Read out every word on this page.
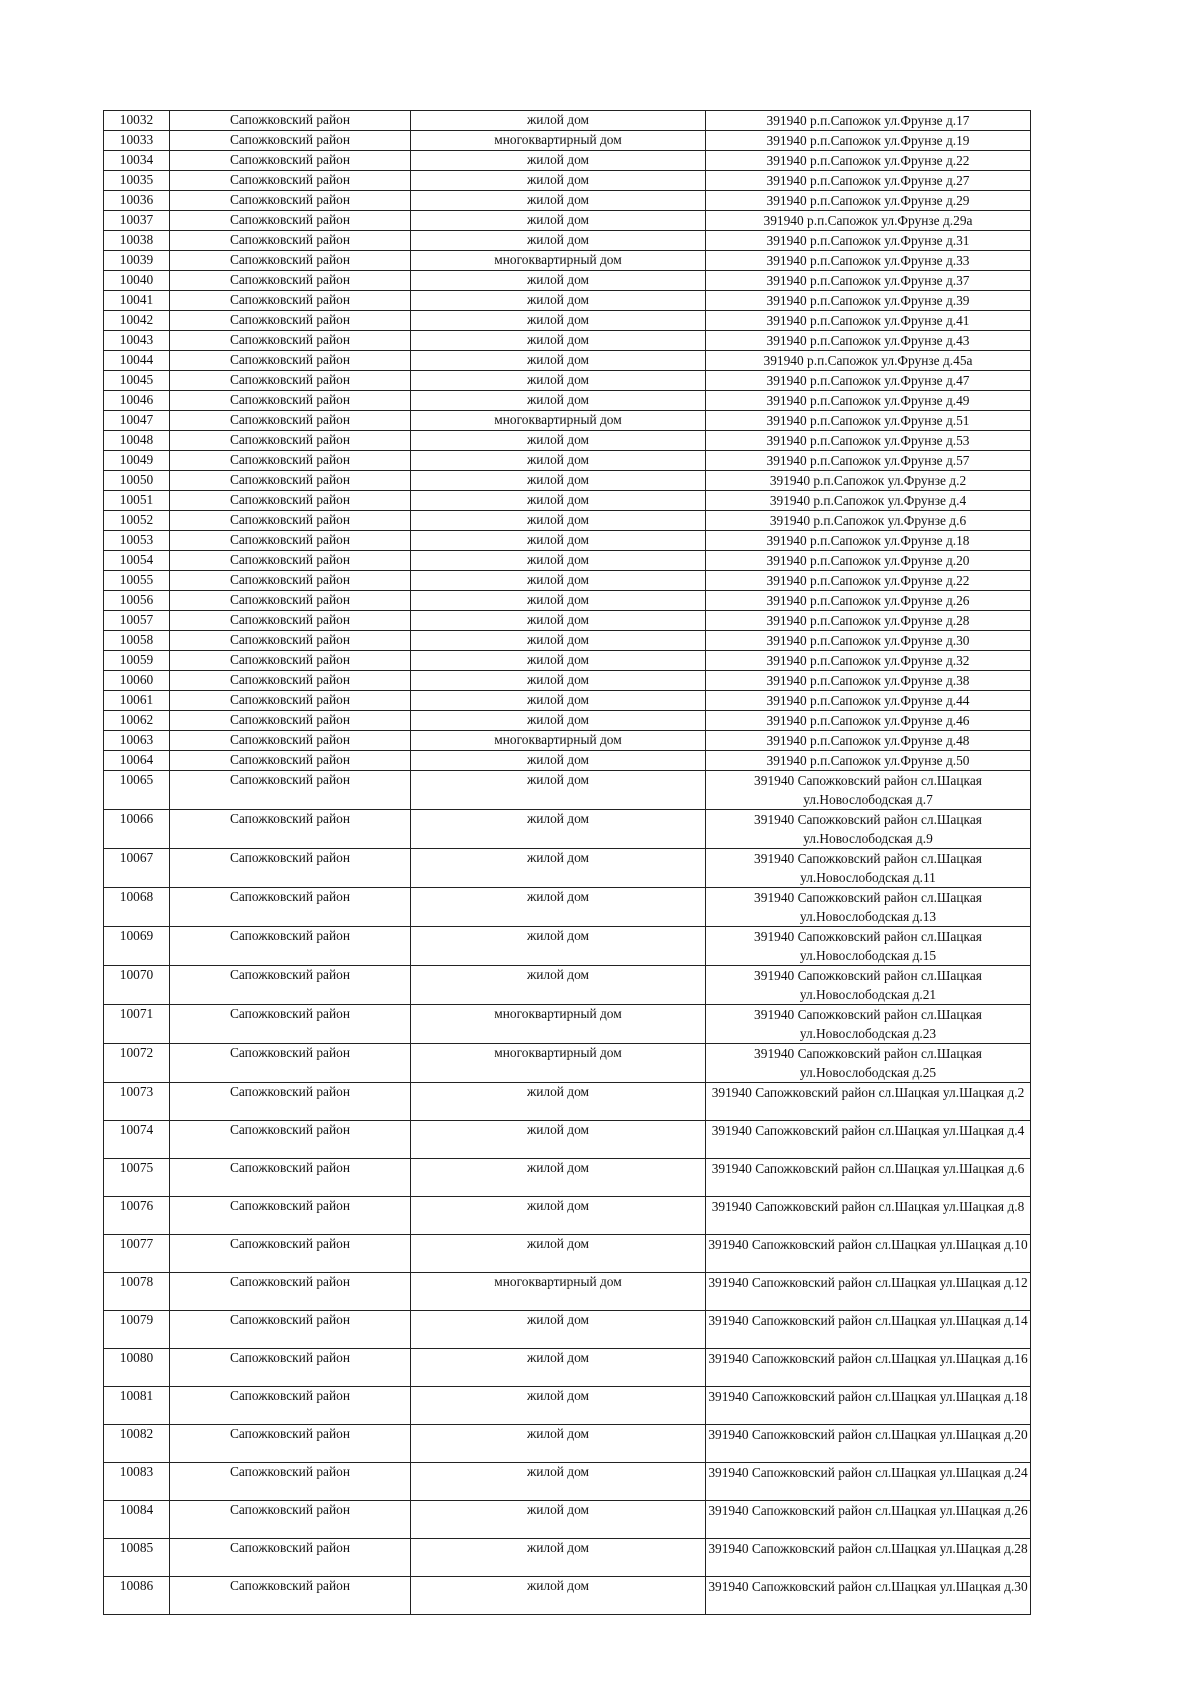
10032	Сапожковский район	жилой дом	391940 р.п.Сапожок ул.Фрунзе д.17
10033	Сапожковский район	многоквартирный дом	391940 р.п.Сапожок ул.Фрунзе д.19
10034	Сапожковский район	жилой дом	391940 р.п.Сапожок ул.Фрунзе д.22
10035	Сапожковский район	жилой дом	391940 р.п.Сапожок ул.Фрунзе д.27
10036	Сапожковский район	жилой дом	391940 р.п.Сапожок ул.Фрунзе д.29
10037	Сапожковский район	жилой дом	391940 р.п.Сапожок ул.Фрунзе д.29а
10038	Сапожковский район	жилой дом	391940 р.п.Сапожок ул.Фрунзе д.31
10039	Сапожковский район	многоквартирный дом	391940 р.п.Сапожок ул.Фрунзе д.33
10040	Сапожковский район	жилой дом	391940 р.п.Сапожок ул.Фрунзе д.37
10041	Сапожковский район	жилой дом	391940 р.п.Сапожок ул.Фрунзе д.39
10042	Сапожковский район	жилой дом	391940 р.п.Сапожок ул.Фрунзе д.41
10043	Сапожковский район	жилой дом	391940 р.п.Сапожок ул.Фрунзе д.43
10044	Сапожковский район	жилой дом	391940 р.п.Сапожок ул.Фрунзе д.45а
10045	Сапожковский район	жилой дом	391940 р.п.Сапожок ул.Фрунзе д.47
10046	Сапожковский район	жилой дом	391940 р.п.Сапожок ул.Фрунзе д.49
10047	Сапожковский район	многоквартирный дом	391940 р.п.Сапожок ул.Фрунзе д.51
10048	Сапожковский район	жилой дом	391940 р.п.Сапожок ул.Фрунзе д.53
10049	Сапожковский район	жилой дом	391940 р.п.Сапожок ул.Фрунзе д.57
10050	Сапожковский район	жилой дом	391940 р.п.Сапожок ул.Фрунзе д.2
10051	Сапожковский район	жилой дом	391940 р.п.Сапожок ул.Фрунзе д.4
10052	Сапожковский район	жилой дом	391940 р.п.Сапожок ул.Фрунзе д.6
10053	Сапожковский район	жилой дом	391940 р.п.Сапожок ул.Фрунзе д.18
10054	Сапожковский район	жилой дом	391940 р.п.Сапожок ул.Фрунзе д.20
10055	Сапожковский район	жилой дом	391940 р.п.Сапожок ул.Фрунзе д.22
10056	Сапожковский район	жилой дом	391940 р.п.Сапожок ул.Фрунзе д.26
10057	Сапожковский район	жилой дом	391940 р.п.Сапожок ул.Фрунзе д.28
10058	Сапожковский район	жилой дом	391940 р.п.Сапожок ул.Фрунзе д.30
10059	Сапожковский район	жилой дом	391940 р.п.Сапожок ул.Фрунзе д.32
10060	Сапожковский район	жилой дом	391940 р.п.Сапожок ул.Фрунзе д.38
10061	Сапожковский район	жилой дом	391940 р.п.Сапожок ул.Фрунзе д.44
10062	Сапожковский район	жилой дом	391940 р.п.Сапожок ул.Фрунзе д.46
10063	Сапожковский район	многоквартирный дом	391940 р.п.Сапожок ул.Фрунзе д.48
10064	Сапожковский район	жилой дом	391940 р.п.Сапожок ул.Фрунзе д.50
10065	Сапожковский район	жилой дом	391940 Сапожковский район сл.Шацкая ул.Новослободская д.7
10066	Сапожковский район	жилой дом	391940 Сапожковский район сл.Шацкая ул.Новослободская д.9
10067	Сапожковский район	жилой дом	391940 Сапожковский район сл.Шацкая ул.Новослободская д.11
10068	Сапожковский район	жилой дом	391940 Сапожковский район сл.Шацкая ул.Новослободская д.13
10069	Сапожковский район	жилой дом	391940 Сапожковский район сл.Шацкая ул.Новослободская д.15
10070	Сапожковский район	жилой дом	391940 Сапожковский район сл.Шацкая ул.Новослободская д.21
10071	Сапожковский район	многоквартирный дом	391940 Сапожковский район сл.Шацкая ул.Новослободская д.23
10072	Сапожковский район	многоквартирный дом	391940 Сапожковский район сл.Шацкая ул.Новослободская д.25
10073	Сапожковский район	жилой дом	391940 Сапожковский район сл.Шацкая ул.Шацкая д.2
10074	Сапожковский район	жилой дом	391940 Сапожковский район сл.Шацкая ул.Шацкая д.4
10075	Сапожковский район	жилой дом	391940 Сапожковский район сл.Шацкая ул.Шацкая д.6
10076	Сапожковский район	жилой дом	391940 Сапожковский район сл.Шацкая ул.Шацкая д.8
10077	Сапожковский район	жилой дом	391940 Сапожковский район сл.Шацкая ул.Шацкая д.10
10078	Сапожковский район	многоквартирный дом	391940 Сапожковский район сл.Шацкая ул.Шацкая д.12
10079	Сапожковский район	жилой дом	391940 Сапожковский район сл.Шацкая ул.Шацкая д.14
10080	Сапожковский район	жилой дом	391940 Сапожковский район сл.Шацкая ул.Шацкая д.16
10081	Сапожковский район	жилой дом	391940 Сапожковский район сл.Шацкая ул.Шацкая д.18
10082	Сапожковский район	жилой дом	391940 Сапожковский район сл.Шацкая ул.Шацкая д.20
10083	Сапожковский район	жилой дом	391940 Сапожковский район сл.Шацкая ул.Шацкая д.24
10084	Сапожковский район	жилой дом	391940 Сапожковский район сл.Шацкая ул.Шацкая д.26
10085	Сапожковский район	жилой дом	391940 Сапожковский район сл.Шацкая ул.Шацкая д.28
10086	Сапожковский район	жилой дом	391940 Сапожковский район сл.Шацкая ул.Шацкая д.30
